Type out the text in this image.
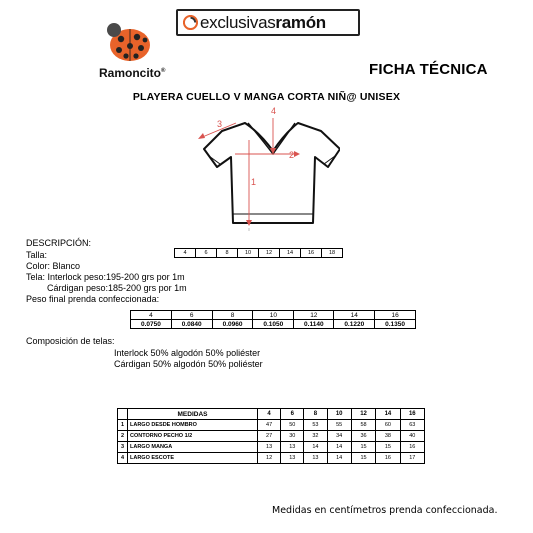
exclusivas ramón
Ramoncito®	FICHA TÉCNICA
PLAYERA CUELLO V MANGA CORTA NIÑ@ UNISEX
4
1
2
3
DESCRIPCIÓN:
Talla:	4	6	8	10	12	14	16	18
Color: Blanco
Tela: Interlock peso:195-200 grs por 1m
Cárdigan peso:185-200 grs por 1m
Peso final prenda confeccionada:
4	6	8	10	12	14	16
0.0750	0.0840	0.0960	0.1050	0.1140	0.1220	0.1350
Composición de telas:
Interlock 50% algodón 50% poliéster
Cárdigan 50% algodón 50% poliéster
	MEDIDAS	4	6	8	10	12	14	16
1	LARGO DESDE HOMBRO	47	50	53	55	58	60	63
2	CONTORNO PECHO 1/2	27	30	32	34	36	38	40
3	LARGO MANGA	13	13	14	14	15	15	16
4	LARGO ESCOTE	12	13	13	14	15	16	17
Medidas en centímetros prenda confeccionada.
